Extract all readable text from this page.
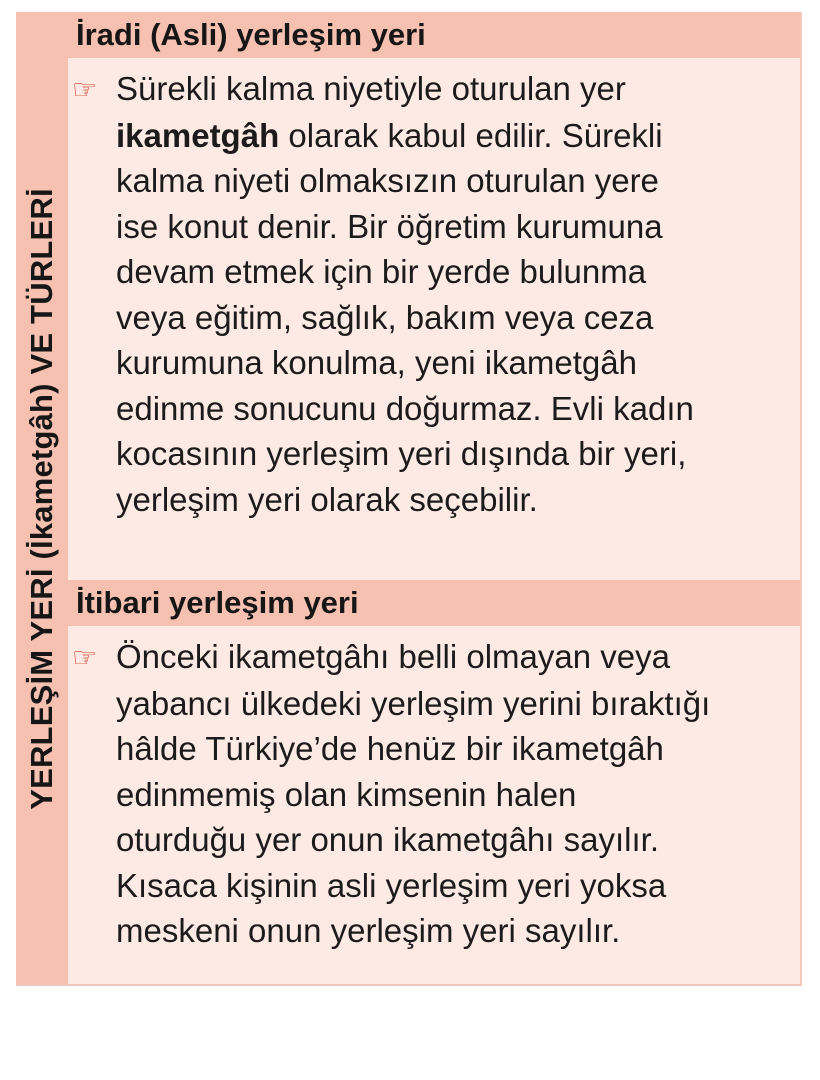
YERLEŞİM YERİ (İkametgâh) VE TÜRLERİ
İradi (Asli) yerleşim yeri
☞ Sürekli kalma niyetiyle oturulan yer
ikametgâh olarak kabul edilir. Sürekli
kalma niyeti olmaksızın oturulan yere
ise konut denir. Bir öğretim kurumuna
devam etmek için bir yerde bulunma
veya eğitim, sağlık, bakım veya ceza
kurumuna konulma, yeni ikametgâh
edinme sonucunu doğurmaz. Evli kadın
kocasının yerleşim yeri dışında bir yeri,
yerleşim yeri olarak seçebilir.
İtibari yerleşim yeri
☞ Önceki ikametgâhı belli olmayan veya
yabancı ülkedeki yerleşim yerini bıraktığı
hâlde Türkiye’de henüz bir ikametgâh
edinmemiş olan kimsenin halen
oturduğu yer onun ikametgâhı sayılır.
Kısaca kişinin asli yerleşim yeri yoksa
meskeni onun yerleşim yeri sayılır.
